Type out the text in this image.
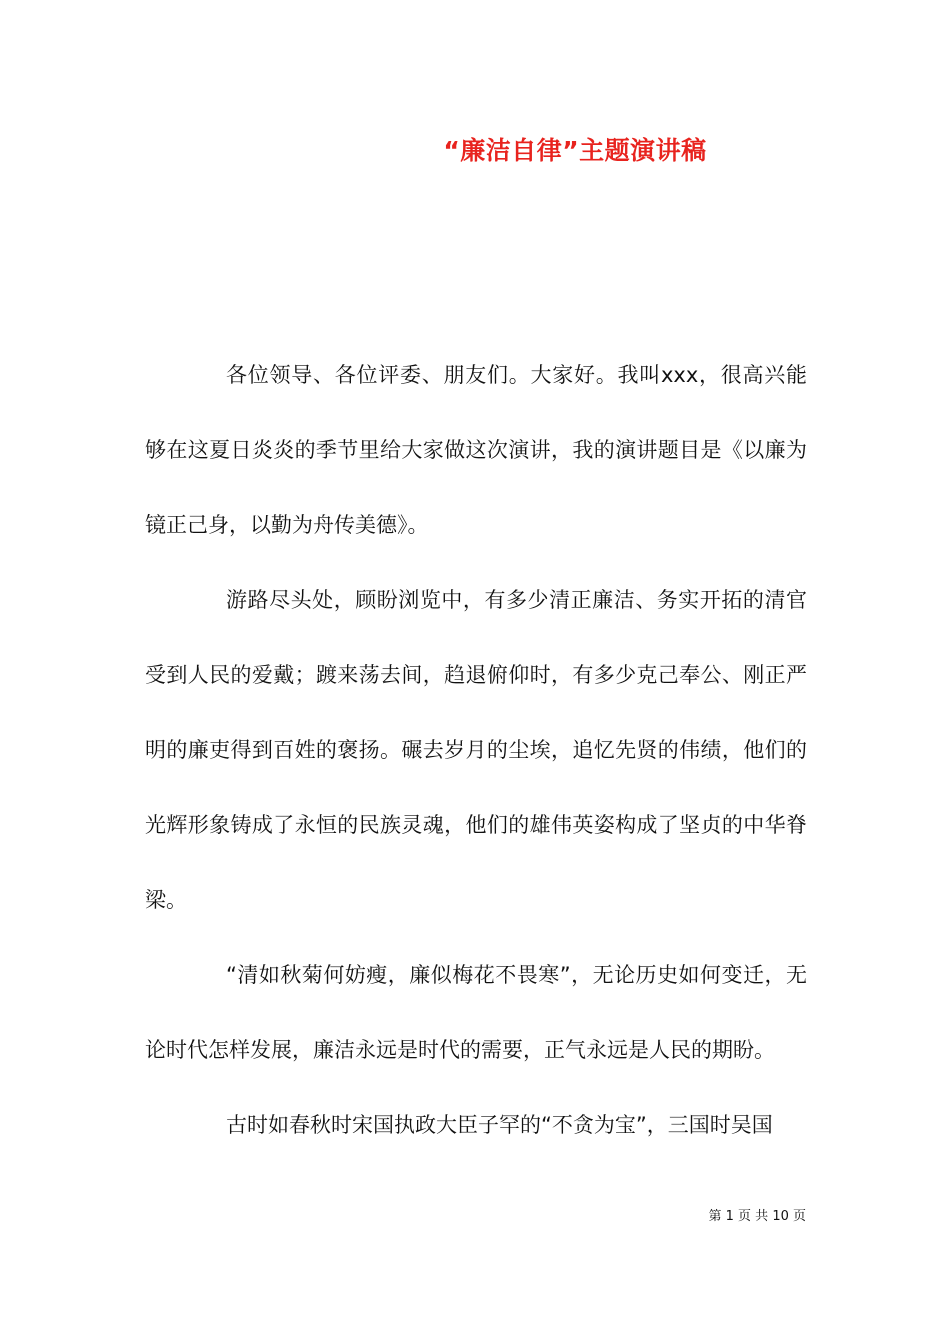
“廉洁自律”主题演讲稿

各位领导、各位评委、朋友们。大家好。我叫xxx，很高兴能够在这夏日炎炎的季节里给大家做这次演讲，我的演讲题目是《以廉为镜正己身，以勤为舟传美德》。

游路尽头处，顾盼浏览中，有多少清正廉洁、务实开拓的清官受到人民的爱戴；踱来荡去间，趋退俯仰时，有多少克己奉公、刚正严明的廉吏得到百姓的褒扬。碾去岁月的尘埃，追忆先贤的伟绩，他们的光辉形象铸成了永恒的民族灵魂，他们的雄伟英姿构成了坚贞的中华脊梁。

“清如秋菊何妨瘦，廉似梅花不畏寒”，无论历史如何变迁，无论时代怎样发展，廉洁永远是时代的需要，正气永远是人民的期盼。

古时如春秋时宋国执政大臣子罕的“不贪为宝”，三国时吴国

第 1 页 共 10 页
